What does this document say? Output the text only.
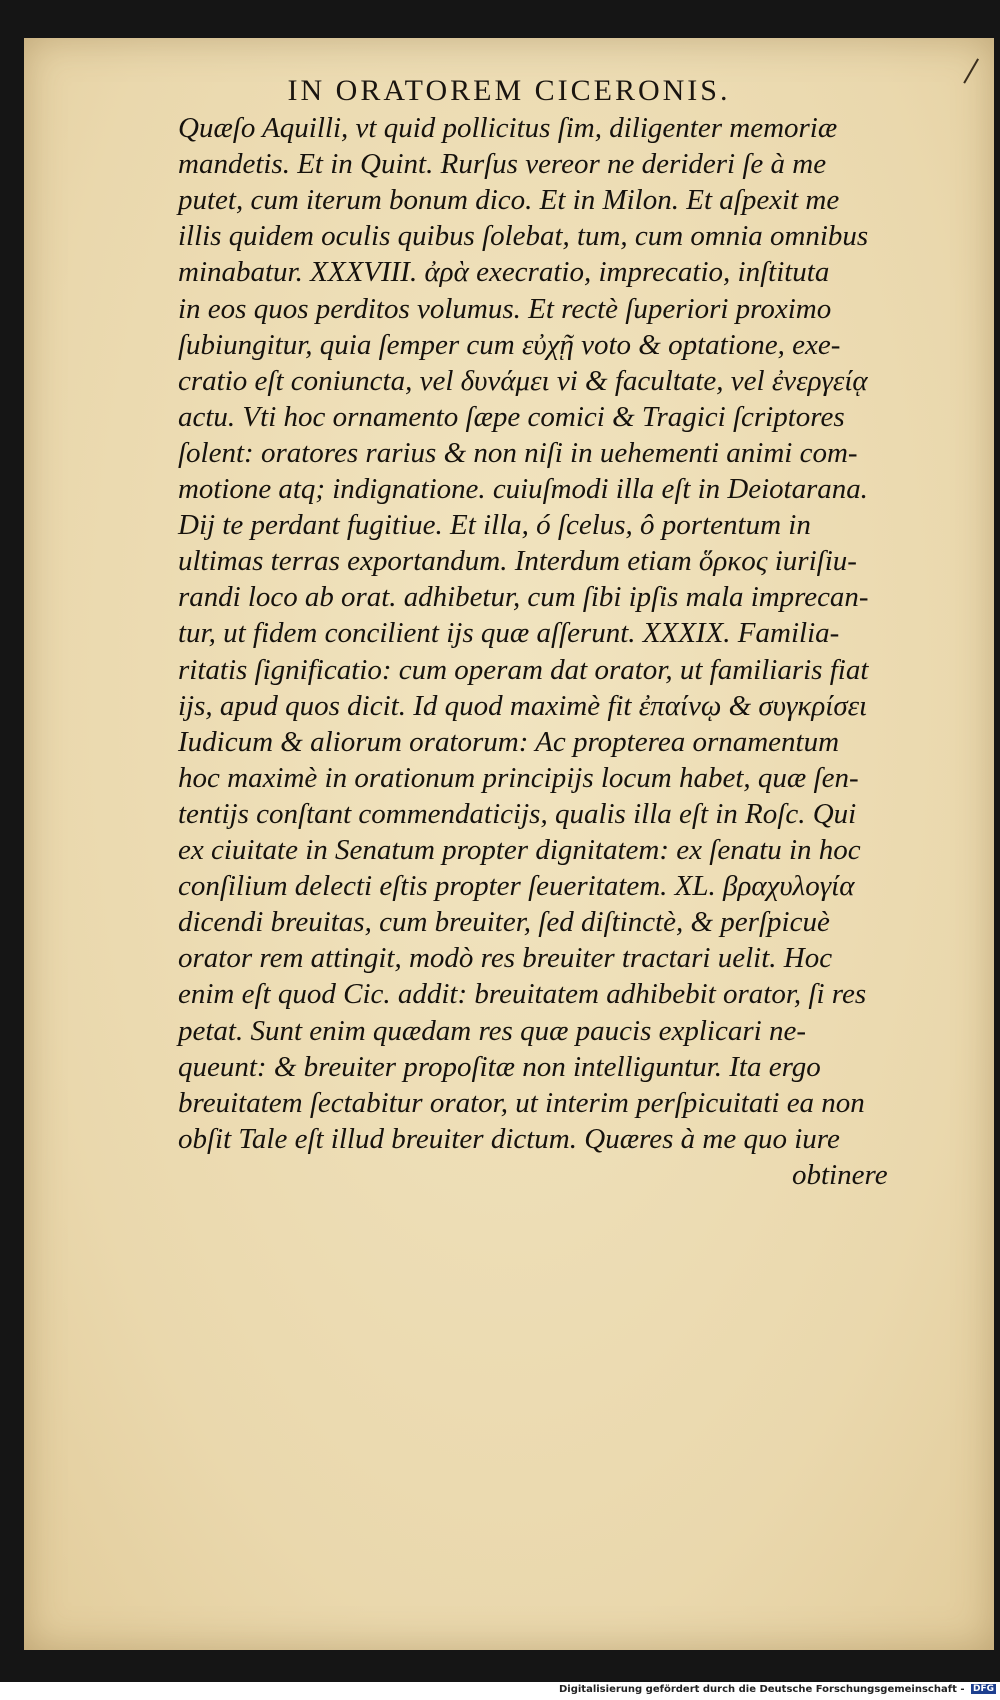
IN ORATOREM CICERONIS.
Quæſo Aquilli, vt quid pollicitus ſim, diligenter memoriæ
mandetis. Et in Quint. Rurſus vereor ne derideri ſe à me
putet, cum iterum bonum dico. Et in Milon. Et aſpexit me
illis quidem oculis quibus ſolebat, tum, cum omnia omnibus
minabatur. XXXVIII. ἀρὰ execratio, imprecatio, inſtituta
in eos quos perditos volumus. Et rectè ſuperiori proximo
ſubiungitur, quia ſemper cum εὐχῇ voto & optatione, exe-
cratio eſt coniuncta, vel δυνάμει vi & facultate, vel ἐνεργείᾳ
actu. Vti hoc ornamento ſæpe comici & Tragici ſcriptores
ſolent: oratores rarius & non niſi in uehementi animi com-
motione atq; indignatione. cuiuſmodi illa eſt in Deiotarana.
Dij te perdant fugitiue. Et illa, ó ſcelus, ô portentum in
ultimas terras exportandum. Interdum etiam ὅρκος iuriſiu-
randi loco ab orat. adhibetur, cum ſibi ipſis mala imprecan-
tur, ut fidem concilient ijs quæ aſſerunt. XXXIX. Familia-
ritatis ſignificatio: cum operam dat orator, ut familiaris fiat
ijs, apud quos dicit. Id quod maximè fit ἐπαίνῳ & συγκρίσει
Iudicum & aliorum oratorum: Ac propterea ornamentum
hoc maximè in orationum principijs locum habet, quæ ſen-
tentijs conſtant commendaticijs, qualis illa eſt in Roſc. Qui
ex ciuitate in Senatum propter dignitatem: ex ſenatu in hoc
conſilium delecti eſtis propter ſeueritatem. XL. βραχυλογία
dicendi breuitas, cum breuiter, ſed diſtinctè, & perſpicuè
orator rem attingit, modò res breuiter tractari uelit. Hoc
enim eſt quod Cic. addit: breuitatem adhibebit orator, ſi res
petat. Sunt enim quædam res quæ paucis explicari ne-
queunt: & breuiter propoſitæ non intelliguntur. Ita ergo
breuitatem ſectabitur orator, ut interim perſpicuitati ea non
obſit Tale eſt illud breuiter dictum. Quæres à me quo iure
obtinere
Digitalisierung gefördert durch die Deutsche Forschungsgemeinschaft - DFG
